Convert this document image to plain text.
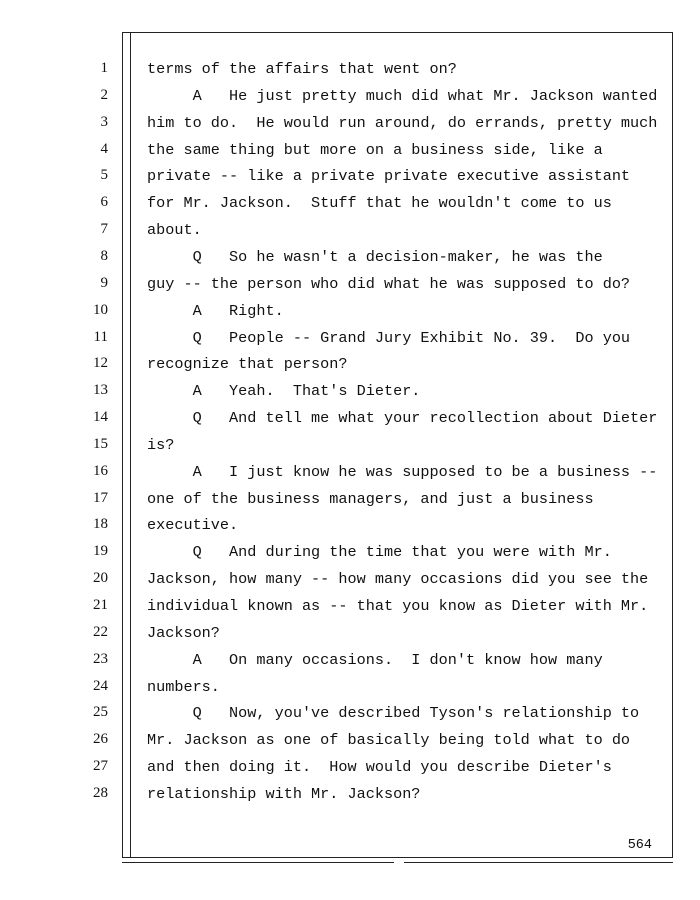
1	terms of the affairs that went on?
2	A   He just pretty much did what Mr. Jackson wanted
3	him to do.  He would run around, do errands, pretty much
4	the same thing but more on a business side, like a
5	private -- like a private private executive assistant
6	for Mr. Jackson.  Stuff that he wouldn't come to us
7	about.
8	Q   So he wasn't a decision-maker, he was the
9	guy -- the person who did what he was supposed to do?
10	A   Right.
11	Q   People -- Grand Jury Exhibit No. 39.  Do you
12	recognize that person?
13	A   Yeah.  That's Dieter.
14	Q   And tell me what your recollection about Dieter
15	is?
16	A   I just know he was supposed to be a business --
17	one of the business managers, and just a business
18	executive.
19	Q   And during the time that you were with Mr.
20	Jackson, how many -- how many occasions did you see the
21	individual known as -- that you know as Dieter with Mr.
22	Jackson?
23	A   On many occasions.  I don't know how many
24	numbers.
25	Q   Now, you've described Tyson's relationship to
26	Mr. Jackson as one of basically being told what to do
27	and then doing it.  How would you describe Dieter's
28	relationship with Mr. Jackson?
564
